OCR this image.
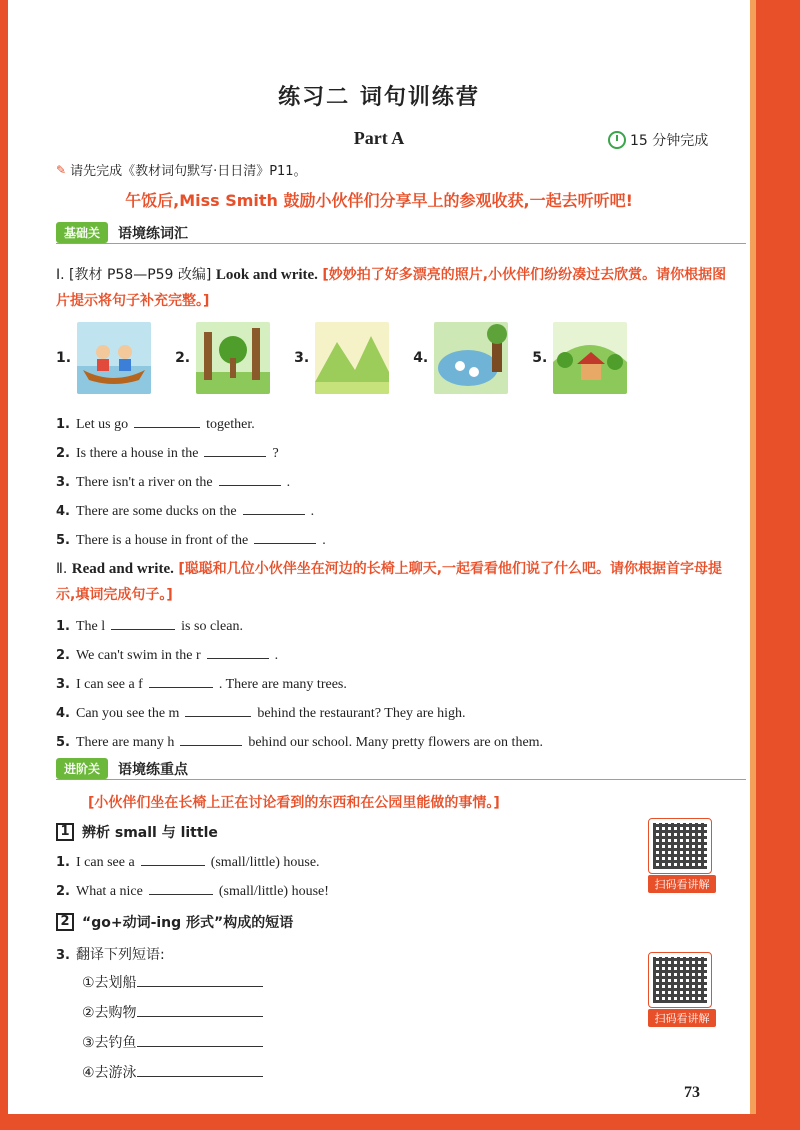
练习二 词句训练营
Part A	15 分钟完成
✎ 请先完成《教材词句默写·日日清》P11。
午饭后,Miss Smith 鼓励小伙伴们分享早上的参观收获,一起去听听吧!
基础关	语境练词汇
Ⅰ. [教材 P58—P59 改编] Look and write. [妙妙拍了好多漂亮的照片,小伙伴们纷纷凑过去欣赏。请你根据图片提示将句子补充完整。]
1.	2.	3.	4.	5.
1. Let us go	together.
2. Is there a house in the	?
3. There isn't a river on the	.
4. There are some ducks on the	.
5. There is a house in front of the	.
Ⅱ. Read and write. [聪聪和几位小伙伴坐在河边的长椅上聊天,一起看看他们说了什么吧。请你根据首字母提示,填词完成句子。]
1. The l	is so clean.
2. We can't swim in the r	.
3. I can see a f	. There are many trees.
4. Can you see the m	behind the restaurant? They are high.
5. There are many h	behind our school. Many pretty flowers are on them.
进阶关	语境练重点
[小伙伴们坐在长椅上正在讨论看到的东西和在公园里能做的事情。]
1 辨析 small 与 little
1. I can see a	(small/little) house.
2. What a nice	(small/little) house!	扫码看讲解
2 “go+动词-ing 形式”构成的短语
3. 翻译下列短语:
扫码看讲解
①去划船
②去购物
③去钓鱼
④去游泳
73
